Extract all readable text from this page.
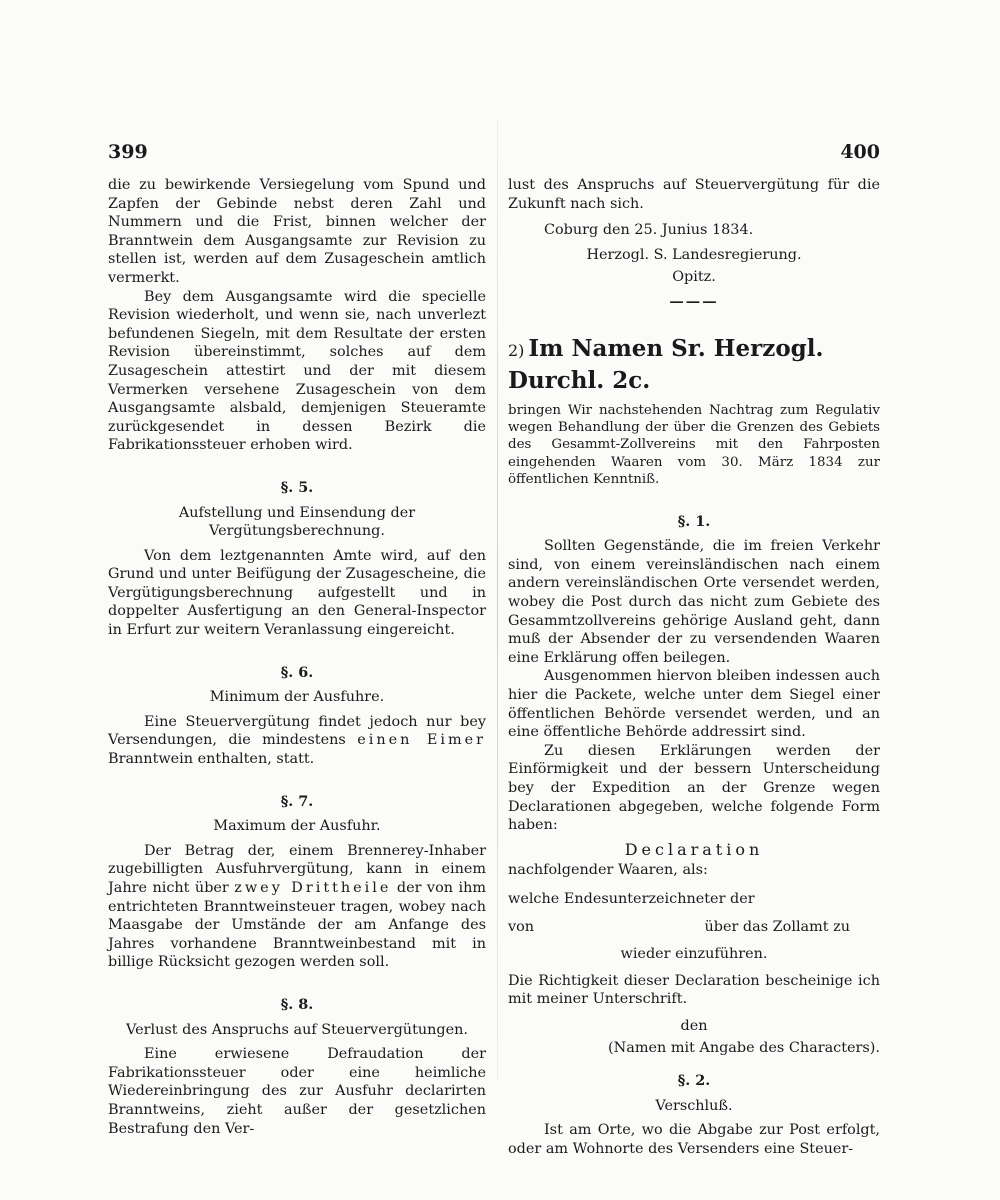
399

die zu bewirkende Versiegelung vom Spund und Zapfen der Gebinde nebst deren Zahl und Nummern und die Frist, binnen welcher der Branntwein dem Ausgangsamte zur Revision zu stellen ist, werden auf dem Zusageschein amtlich vermerkt.

Bey dem Ausgangsamte wird die specielle Revision wiederholt, und wenn sie, nach unverlezt befundenen Siegeln, mit dem Resultate der ersten Revision übereinstimmt, solches auf dem Zusageschein attestirt und der mit diesem Vermerken versehene Zusageschein von dem Ausgangsamte alsbald, demjenigen Steueramte zurückgesendet in dessen Bezirk die Fabrikationssteuer erhoben wird.

§. 5.
Aufstellung und Einsendung der Vergütungsberechnung.

Von dem leztgenannten Amte wird, auf den Grund und unter Beifügung der Zusagescheine, die Vergütigungsberechnung aufgestellt und in doppelter Ausfertigung an den General-Inspector in Erfurt zur weitern Veranlassung eingereicht.

§. 6.
Minimum der Ausfuhre.

Eine Steuervergütung findet jedoch nur bey Versendungen, die mindestens einen Eimer Branntwein enthalten, statt.

§. 7.
Maximum der Ausfuhr.

Der Betrag der, einem Brennerey-Inhaber zugebilligten Ausfuhrvergütung, kann in einem Jahre nicht über zwey Drittheile der von ihm entrichteten Branntweinsteuer tragen, wobey nach Maasgabe der Umstände der am Anfange des Jahres vorhandene Branntweinbestand mit in billige Rücksicht gezogen werden soll.

§. 8.
Verlust des Anspruchs auf Steuervergütungen.

Eine erwiesene Defraudation der Fabrikationssteuer oder eine heimliche Wiedereinbringung des zur Ausfuhr declarirten Branntweins, zieht außer der gesetzlichen Bestrafung den Ver-

400

lust des Anspruchs auf Steuervergütung für die Zukunft nach sich.

Coburg den 25. Junius 1834.

Herzogl. S. Landesregierung.
Opitz.
———
2) Im Namen Sr. Herzogl. Durchl. 2c.

bringen Wir nachstehenden Nachtrag zum Regulativ wegen Behandlung der über die Grenzen des Gebiets des Gesammt-Zollvereins mit den Fahrposten eingehenden Waaren vom 30. März 1834 zur öffentlichen Kenntniß.

§. 1.

Sollten Gegenstände, die im freien Verkehr sind, von einem vereinsländischen nach einem andern vereinsländischen Orte versendet werden, wobey die Post durch das nicht zum Gebiete des Gesammtzollvereins gehörige Ausland geht, dann muß der Absender der zu versendenden Waaren eine Erklärung offen beilegen.

Ausgenommen hiervon bleiben indessen auch hier die Packete, welche unter dem Siegel einer öffentlichen Behörde versendet werden, und an eine öffentliche Behörde addressirt sind.

Zu diesen Erklärungen werden der Einförmigkeit und der bessern Unterscheidung bey der Expedition an der Grenze wegen Declarationen abgegeben, welche folgende Form haben:

Declaration
nachfolgender Waaren, als:
welche Endesunterzeichneter der
von	über das Zollamt zu
wieder einzuführen.

Die Richtigkeit dieser Declaration bescheinige ich mit meiner Unterschrift.

den
(Namen mit Angabe des Characters).
§. 2.
Verschluß.

Ist am Orte, wo die Abgabe zur Post erfolgt, oder am Wohnorte des Versenders eine Steuer-
